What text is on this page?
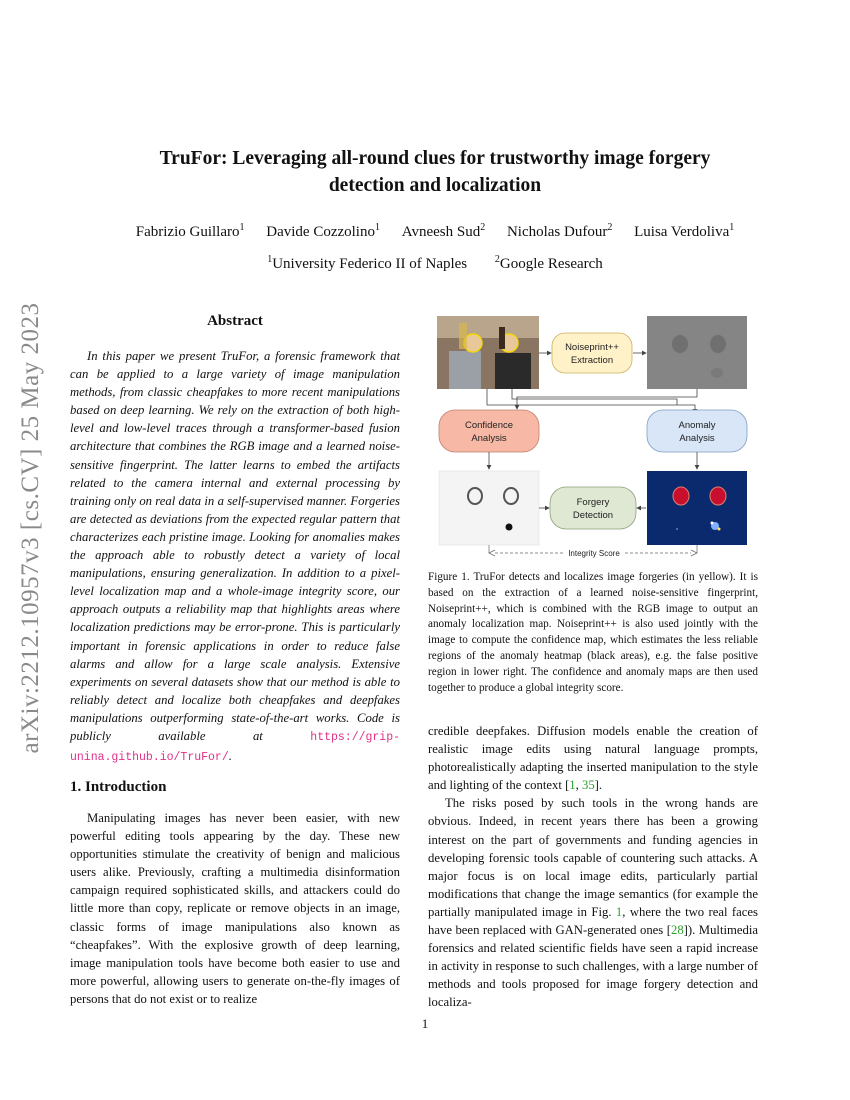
arXiv:2212.10957v3 [cs.CV] 25 May 2023
TruFor: Leveraging all-round clues for trustworthy image forgery
detection and localization
Fabrizio Guillaro$^1$ Davide Cozzolino$^1$ Avneesh Sud$^2$ Nicholas Dufour$^2$ Luisa Verdoliva$^1$
$^1$University Federico II of Naples	$^2$Google Research
Abstract
In this paper we present TruFor, a forensic framework that can be applied to a large variety of image manipulation methods, from classic cheapfakes to more recent manipulations based on deep learning. We rely on the extraction of both high-level and low-level traces through a transformer-based fusion architecture that combines the RGB image and a learned noise-sensitive fingerprint. The latter learns to embed the artifacts related to the camera internal and external processing by training only on real data in a self-supervised manner. Forgeries are detected as deviations from the expected regular pattern that characterizes each pristine image. Looking for anomalies makes the approach able to robustly detect a variety of local manipulations, ensuring generalization. In addition to a pixel-level localization map and a whole-image integrity score, our approach outputs a reliability map that highlights areas where localization predictions may be error-prone. This is particularly important in forensic applications in order to reduce false alarms and allow for a large scale analysis. Extensive experiments on several datasets show that our method is able to reliably detect and localize both cheapfakes and deepfakes manipulations outperforming state-of-the-art works. Code is publicly available at	https://grip-unina.github.io/TruFor/.
1. Introduction
Manipulating images has never been easier, with new powerful editing tools appearing by the day. These new opportunities stimulate the creativity of benign and malicious users alike. Previously, crafting a multimedia disinformation campaign required sophisticated skills, and attackers could do little more than copy, replicate or remove objects in an image, classic forms of image manipulations also known as “cheapfakes”. With the explosive growth of deep learning, image manipulation tools have become both easier to use and more powerful, allowing users to generate on-the-fly images of persons that do not exist or to realize
Noiseprint++
Extraction
Confidence
Analysis
Anomaly
Analysis
Forgery
Detection
Integrity Score
Figure 1. TruFor detects and localizes image forgeries (in yellow). It is based on the extraction of a learned noise-sensitive fingerprint, Noiseprint++, which is combined with the RGB image to output an anomaly localization map. Noiseprint++ is also used jointly with the image to compute the confidence map, which estimates the less reliable regions of the anomaly heatmap (black areas), e.g. the false positive region in lower right. The confidence and anomaly maps are then used together to produce a global integrity score.

credible deepfakes. Diffusion models enable the creation of realistic image edits using natural language prompts, photorealistically adapting the inserted manipulation to the style and lighting of the context [1, 35].

The risks posed by such tools in the wrong hands are obvious. Indeed, in recent years there has been a growing interest on the part of governments and funding agencies in developing forensic tools capable of countering such attacks. A major focus is on local image edits, particularly partial modifications that change the image semantics (for example the partially manipulated image in Fig. 1, where the two real faces have been replaced with GAN-generated ones [28]). Multimedia forensics and related scientific fields have seen a rapid increase in activity in response to such challenges, with a large number of methods and tools proposed for image forgery detection and localiza-

1
